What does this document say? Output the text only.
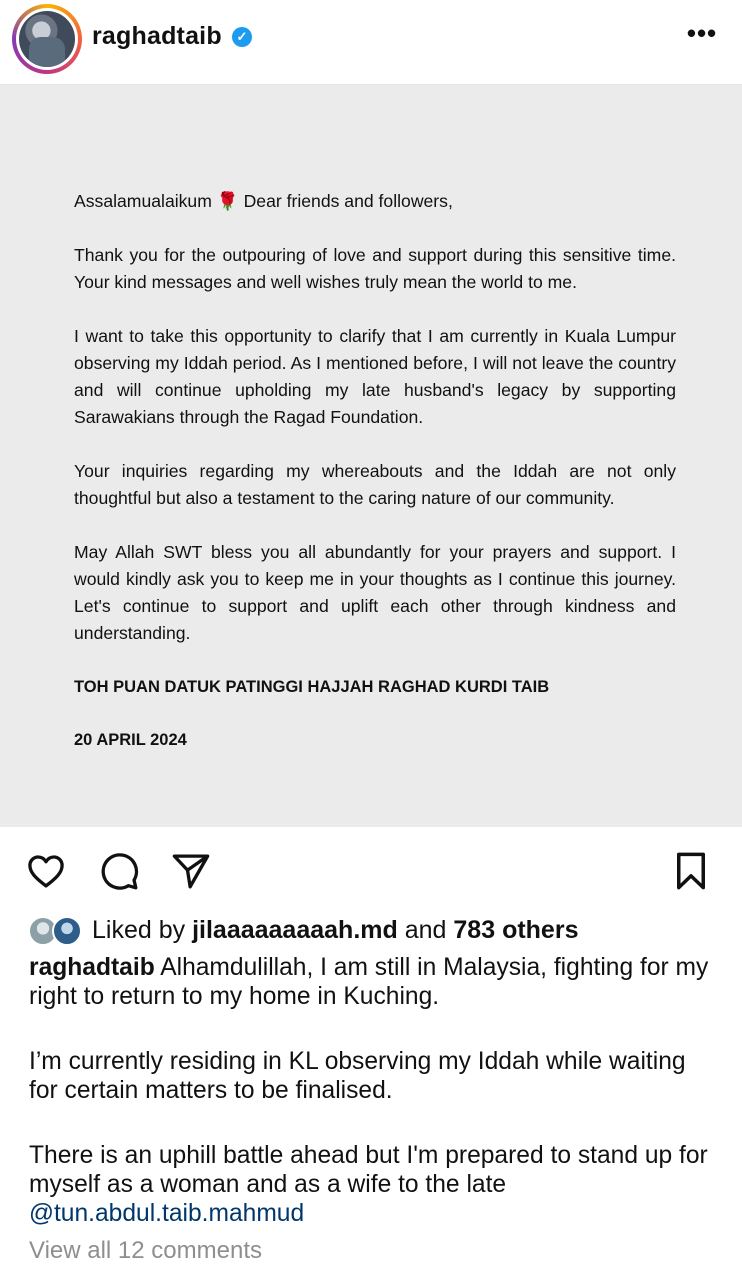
raghadtaib	✓	•••

Assalamualaikum 🌹 Dear friends and followers,

Thank you for the outpouring of love and support during this sensitive time. Your kind messages and well wishes truly mean the world to me.

I want to take this opportunity to clarify that I am currently in Kuala Lumpur observing my Iddah period. As I mentioned before, I will not leave the country and will continue upholding my late husband's legacy by supporting Sarawakians through the Ragad Foundation.

Your inquiries regarding my whereabouts and the Iddah are not only thoughtful but also a testament to the caring nature of our community.

May Allah SWT bless you all abundantly for your prayers and support. I would kindly ask you to keep me in your thoughts as I continue this journey. Let's continue to support and uplift each other through kindness and understanding.

TOH PUAN DATUK PATINGGI HAJJAH RAGHAD KURDI TAIB

20 APRIL 2024

Liked by jilaaaaaaaaah.md and 783 others

raghadtaib Alhamdulillah, I am still in Malaysia, fighting for my right to return to my home in Kuching.

I’m currently residing in KL observing my Iddah while waiting for certain matters to be finalised.

There is an uphill battle ahead but I'm prepared to stand up for myself as a woman and as a wife to the late
@tun.abdul.taib.mahmud

View all 12 comments
